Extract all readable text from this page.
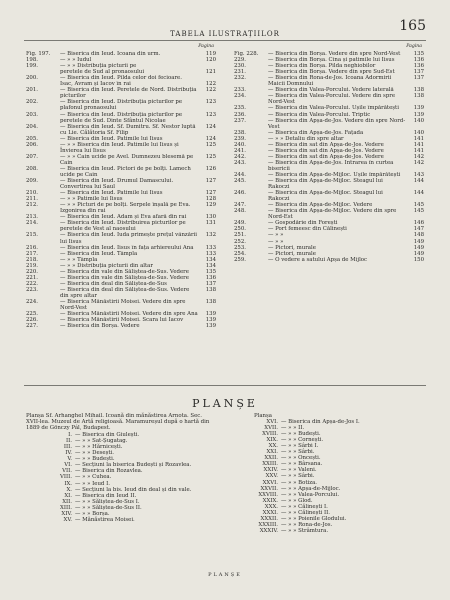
165
TABELA ILUSTRAȚIILOR
Pagina
Fig. 197.	— Biserica din Ieud. Icoana din urm.	119
198.	— » » Iudul	120
199.	— » » Distribuția picturii pe
peretele de Sud al pronaosului	121
200.	— Biserica din Ieud. Pilda celor doi fecioare.
Isac, Avram și Iacov în rai	122
201.	— Biserica din Ieud. Peretele de Nord. Distribuția picturilor
122
202.	— Biserica din Ieud. Distribuția picturilor pe plafonul pronaosului
123
203.	— Biserica din Ieud. Distribuția picturilor pe peretele de Sud. Dinte Sfântul Nicolae
123
204.	— Biserica din Ieud. Sf. Dumitru. Sf. Nestor luptă cu Lie. Călătoria Sf. Filip
124
205.	— Biserica din Ieud. Patimile lui Iisus	124
206.	— » » Biserica din Ieud. Patimile lui Iisus și Învierea lui Iisus
125
207.	— » » Cain ucide pe Avel. Dumnezeu blesemă pe Cain
125
208.	— Biserica din Ieud. Pictori de pe bolți. Lamech ucide pe Cain
126
209.	— Biserica din Ieud. Drumul Damascului. Convertirea lui Saul
127
210.	— Biserica din Ieud. Patimile lui Iisus	127
211.	— » » Patimile lui Iisus	128
212.	— » » Picturi de pe bolți. Serpele înșală pe Eva. Izgonirea din rai
129
213.	— Biserica din Ieud. Adam și Eva afară din rai	130
214.	— Biserica din Ieud. Distribuirea picturilor pe peretele de Vest al naosului
131
215.	— Biserica din Ieud. Iuda primește prețul vânzării lui Iisus
132
216.	— Biserica din Ieud. Iisus în fața arhiereului Ana	133
217.	— Biserica din Ieud. Tâmpla	133
218.	— » » Tâmpla	134
219.	— » » Distribuția picturii din altar	134
220.	— Biserica din vale din Săliștea-de-Sus. Vedere	135
221.	— Biserica din vale din Săliștea-de-Sus. Vedere	136
222.	— Biserica din deal din Săliștea-de-Sus	137
223.	— Biserica din deal din Săliștea-de-Sus. Vedere din spre altar
138
224.	— Biserica Mănăstirii Moisei. Vedere din spre Nord-Vest
138
225.	— Biserica Mănăstirii Moisei. Vedere din spre Ana	139
226.	— Biserica Mănăstirii Moisei. Scara lui Iacov	139
227.	— Biserica din Borșa. Vedere	139
Pagina
Fig. 228.	— Biserica din Borșa. Vedere din spre Nord-Vest	135
229.	— Biserica din Borșa. Cina și patimile lui Iisus	136
230.	— Biserica din Borșa. Pilda neghiobilor	136
231.	— Biserica din Borșa. Vedere din spre Sud-Est	137
232.	— Biserica din Rona-de-Jos. Icoana Adormirii Maicii Domnului
137
233.	— Biserica din Valea-Porcului. Vedere laterală	138
234.	— Biserica din Valea-Porcului. Vedere din spre Nord-Vest
138
235.	— Biserica din Valea-Porcului. Ușile împărătești	139
236.	— Biserica din Valea-Porcului. Triptic	139
237.	— Biserica din Apșa-de-Jos. Vedere din spre Nord-Vest
140
238.	— Biserica din Apșa-de-Jos. Fațada	140
239.	— » » Detaliu din spre altar	141
240.	— Biserica din sat din Apșa-de-Jos. Vedere	141
241.	— Biserica din sat din Apșa-de-Jos. Vedere	141
242.	— Biserica din sat din Apșa-de-Jos. Vedere	142
243.	— Biserica din Apșa-de-Jos. Intrarea în curtea bisericii
142
244.	— Biserica din Apșa-de-Mijloc. Ușile împărătești	143
245.	— Biserica din Apșa-de-Mijloc. Steagul lui Rakoczi
144
246.	— Biserica din Apșa-de-Mijloc. Steagul lui Rakoczi
144
247.	— Biserica din Apșa-de-Mijloc. Vedere	145
248.	— Biserica din Apșa-de-Mijloc. Vedere din spre Nord-Est
145
249.	— Gospodărie din Forești	146
250.	— Port femeesc din Călinești	147
251.	— » »	148
252.	— » »	149
253.	— Pictori, murale	149
254.	— Pictori, murale	149
259.	— O vedere a satului Apșa de Mijloc	150
PLANȘE
Planșa Sf. Arhanghel Mihail. Icoană din mănăstirea Arnota. Sec. XVII-lea. Muzeul de Artă religioasă. Maramureșul după o hartă din 1889 de Gönczy Pál, Budapest.
I. — Biserica din Giulești.
II. — » » Sat-Șugatag.
III. — » » Hărnicești.
IV. — » » Desești.
V. — » » Budești.
VI. — Secțiuni la biserica Budești și Rozavlea.
VII. — Biserica din Rozavlea.
VIII. — » » Cuhea.
IX. — » » Ieud I.
X. — Secțiuni la bis. Ieud din deal și din vale.
XI. — Biserica din Ieud II.
XII. — » » Săliștea-de-Sus I.
XIII. — » » Săliștea-de-Sus II.
XIV. — » » Borșa.
XV. — Mănăstirea Moisei.
Planșa
XVI. — Biserica din Apșa-de-Jos I.
XVII. — » » II.
XVIII. — » » Budești.
XIX. — » » Cornești.
XX. — » » Sârbi I.
XXI. — » » Sârbi.
XXII. — » » Oncești.
XXIII. — » » Bârsana.
XXIV. — » » Valeni.
XXV. — » » Sârbi.
XXVI. — » » Botiza.
XXVII. — » » Apșa-de-Mijloc.
XXVIII. — » » Valea-Porcului.
XXIX. — » » Glod.
XXX. — » » Călinești I.
XXXI. — » » Călinești II.
XXXII. — » » Poienile Glodului.
XXXIII. — » » Rona-de-Jos.
XXXIV. — » » Strâmtura.
PLANȘE
